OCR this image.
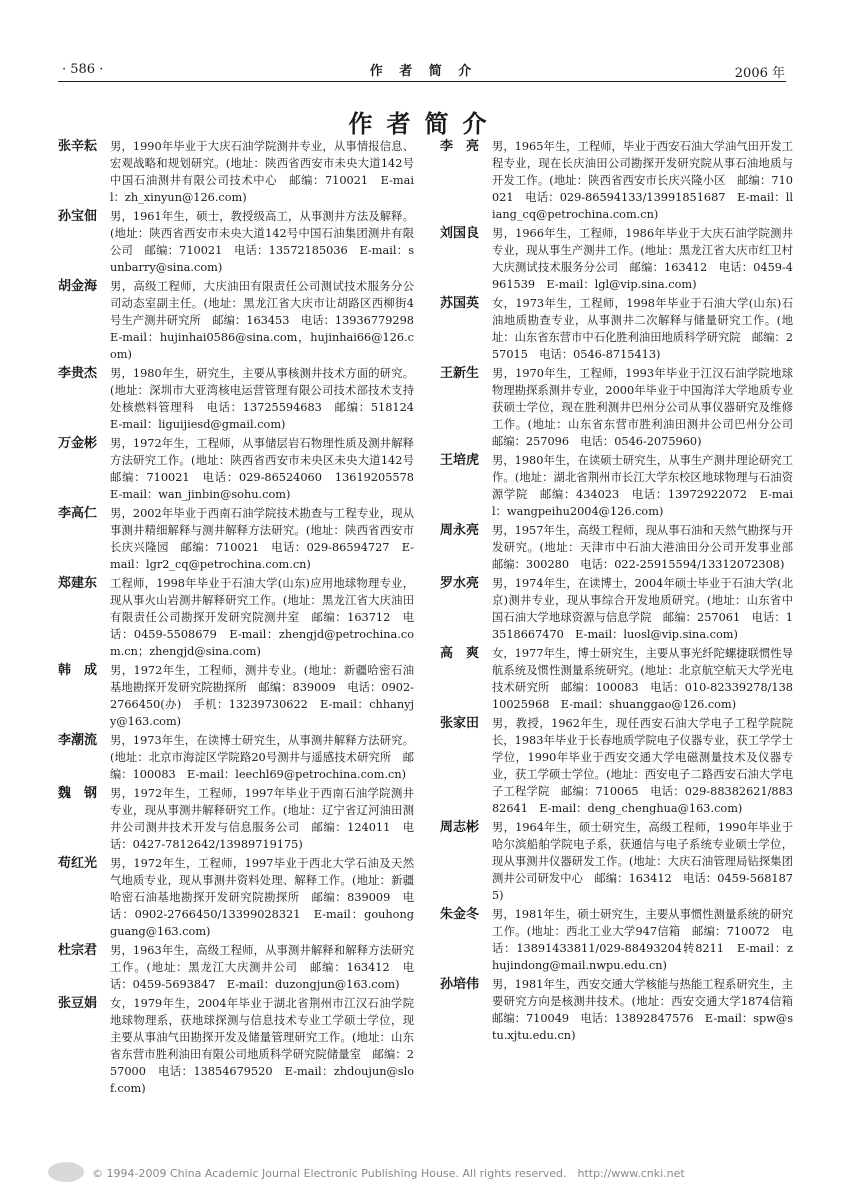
· 586 ·	作 者 简 介	2006 年
作者简介
张辛耘	男，1990年毕业于大庆石油学院测井专业，从事情报信息、宏观战略和规划研究。(地址：陕西省西安市未央大道142号中国石油测井有限公司技术中心　邮编：710021　E-mail：zh_xinyun@126.com)
孙宝佃	男，1961年生，硕士，教授级高工，从事测井方法及解释。(地址：陕西省西安市未央大道142号中国石油集团测井有限公司　邮编：710021　电话：13572185036　E-mail：sunbarry@sina.com)
胡金海	男，高级工程师，大庆油田有限责任公司测试技术服务分公司动态室副主任。(地址：黑龙江省大庆市让胡路区西柳街4号生产测井研究所　邮编：163453　电话：13936779298　E-mail：hujinhai0586@sina.com，hujinhai66@126.com)
李贵杰	男，1980年生，研究生，主要从事核测井技术方面的研究。(地址：深圳市大亚湾核电运营管理有限公司技术部技术支持处核燃料管理科　电话：13725594683　邮编：518124　E-mail：liguijiesd@gmail.com)
万金彬	男，1972年生，工程师，从事储层岩石物理性质及测井解释方法研究工作。(地址：陕西省西安市未央区未央大道142号　邮编：710021　电话：029-86524060　13619205578　E-mail：wan_jinbin@sohu.com)
李高仁	男，2002年毕业于西南石油学院技术勘查与工程专业，现从事测井精细解释与测井解释方法研究。(地址：陕西省西安市长庆兴隆园　邮编：710021　电话：029-86594727　E-mail：lgr2_cq@petrochina.com.cn)
郑建东	工程师，1998年毕业于石油大学(山东)应用地球物理专业，现从事火山岩测井解释研究工作。(地址：黑龙江省大庆油田有限责任公司勘探开发研究院测井室　邮编：163712　电话：0459-5508679　E-mail：zhengjd@petrochina.com.cn；zhengjd@sina.com)
韩　成	男，1972年生，工程师，测井专业。(地址：新疆哈密石油基地勘探开发研究院勘探所　邮编：839009　电话：0902-2766450(办)　手机：13239730622　E-mail：chhanyjy@163.com)
李潮流	男，1973年生，在读博士研究生，从事测井解释方法研究。(地址：北京市海淀区学院路20号测井与遥感技术研究所　邮编：100083　E-mail：leechl69@petrochina.com.cn)
魏　钢	男，1972年生，工程师，1997年毕业于西南石油学院测井专业，现从事测井解释研究工作。(地址：辽宁省辽河油田测井公司测井技术开发与信息服务公司　邮编：124011　电话：0427-7812642/13989719175)
苟红光	男，1972年生，工程师，1997毕业于西北大学石油及天然气地质专业，现从事测井资料处理、解释工作。(地址：新疆哈密石油基地勘探开发研究院勘探所　邮编：839009　电话：0902-2766450/13399028321　E-mail：gouhongguang@163.com)
杜宗君	男，1963年生，高级工程师，从事测井解释和解释方法研究工作。(地址：黑龙江大庆测井公司　邮编：163412　电话：0459-5693847　E-mail：duzongjun@163.com)
张豆娟	女，1979年生，2004年毕业于湖北省荆州市江汉石油学院地球物理系，获地球探测与信息技术专业工学硕士学位，现主要从事油气田勘探开发及储量管理研究工作。(地址：山东省东营市胜利油田有限公司地质科学研究院储量室　邮编：257000　电话：13854679520　E-mail：zhdoujun@slof.com)
李　亮	男，1965年生，工程师，毕业于西安石油大学油气田开发工程专业，现在长庆油田公司勘探开发研究院从事石油地质与开发工作。(地址：陕西省西安市长庆兴隆小区　邮编：710021　电话：029-86594133/13991851687　E-mail：lliang_cq@petrochina.com.cn)
刘国良	男，1966年生，工程师，1986年毕业于大庆石油学院测井专业，现从事生产测井工作。(地址：黑龙江省大庆市红卫村大庆测试技术服务分公司　邮编：163412　电话：0459-4961539　E-mail：lgl@vip.sina.com)
苏国英	女，1973年生，工程师，1998年毕业于石油大学(山东)石油地质勘查专业，从事测井二次解释与储量研究工作。(地址：山东省东营市中石化胜利油田地质科学研究院　邮编：257015　电话：0546-8715413)
王新生	男，1970年生，工程师，1993年毕业于江汉石油学院地球物理勘探系测井专业，2000年毕业于中国海洋大学地质专业获硕士学位，现在胜利测井巴州分公司从事仪器研究及维修工作。(地址：山东省东营市胜利油田测井公司巴州分公司　邮编：257096　电话：0546-2075960)
王培虎	男，1980年生，在读硕士研究生，从事生产测井理论研究工作。(地址：湖北省荆州市长江大学东校区地球物理与石油资源学院　邮编：434023　电话：13972922072　E-mail：wangpeihu2004@126.com)
周永亮	男，1957年生，高级工程师，现从事石油和天然气勘探与开发研究。(地址：天津市中石油大港油田分公司开发事业部　邮编：300280　电话：022-25915594/13312072308)
罗水亮	男，1974年生，在读博士，2004年硕士毕业于石油大学(北京)测井专业，现从事综合开发地质研究。(地址：山东省中国石油大学地球资源与信息学院　邮编：257061　电话：13518667470　E-mail：luosl@vip.sina.com)
高　爽	女，1977年生，博士研究生，主要从事光纤陀螺捷联惯性导航系统及惯性测量系统研究。(地址：北京航空航天大学光电技术研究所　邮编：100083　电话：010-82339278/13810025968　E-mail：shuanggao@126.com)
张家田	男，教授，1962年生，现任西安石油大学电子工程学院院长，1983年毕业于长春地质学院电子仪器专业，获工学学士学位，1990年毕业于西安交通大学电磁测量技术及仪器专业，获工学硕士学位。(地址：西安电子二路西安石油大学电子工程学院　邮编：710065　电话：029-88382621/88382641　E-mail：deng_chenghua@163.com)
周志彬	男，1964年生，硕士研究生，高级工程师，1990年毕业于哈尔滨船舶学院电子系，获通信与电子系统专业硕士学位，现从事测井仪器研发工作。(地址：大庆石油管理局钻探集团测井公司研发中心　邮编：163412　电话：0459-5681875)
朱金冬	男，1981年生，硕士研究生，主要从事惯性测量系统的研究工作。(地址：西北工业大学947信箱　邮编：710072　电话：13891433811/029-88493204转8211　E-mail：zhujindong@mail.nwpu.edu.cn)
孙培伟	男，1981年生，西安交通大学核能与热能工程系研究生，主要研究方向是核测井技术。(地址：西安交通大学1874信箱　邮编：710049　电话：13892847576　E-mail：spw@stu.xjtu.edu.cn)
© 1994-2009 China Academic Journal Electronic Publishing House. All rights reserved.　http://www.cnki.net
